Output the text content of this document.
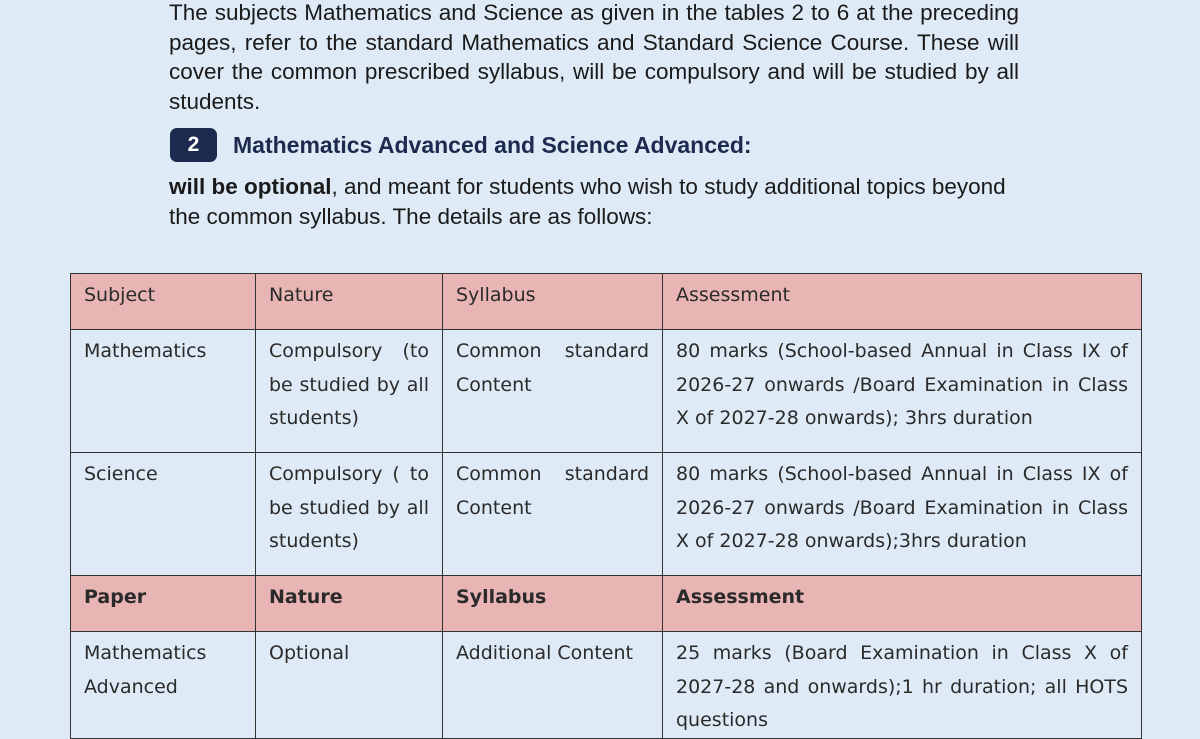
The subjects Mathematics and Science as given in the tables 2 to 6 at the preceding pages, refer to the standard Mathematics and Standard Science Course. These will cover the common prescribed syllabus, will be compulsory and will be studied by all students.

2	Mathematics Advanced and Science Advanced:

will be optional, and meant for students who wish to study additional topics beyond the common syllabus. The details are as follows:

Subject	Nature	Syllabus	Assessment
Mathematics	Compulsory (to be studied by all students)	Common standard Content	80 marks (School-based Annual in Class IX of 2026-27 onwards /Board Examination in Class X of 2027-28 onwards); 3hrs duration
Science	Compulsory ( to be studied by all students)	Common standard Content	80 marks (School-based Annual in Class IX of 2026-27 onwards /Board Examination in Class X of 2027-28 onwards);3hrs duration
Paper	Nature	Syllabus	Assessment
Mathematics Advanced	Optional	Additional Content	25 marks (Board Examination in Class X of 2027-28 and onwards);1 hr duration; all HOTS questions
